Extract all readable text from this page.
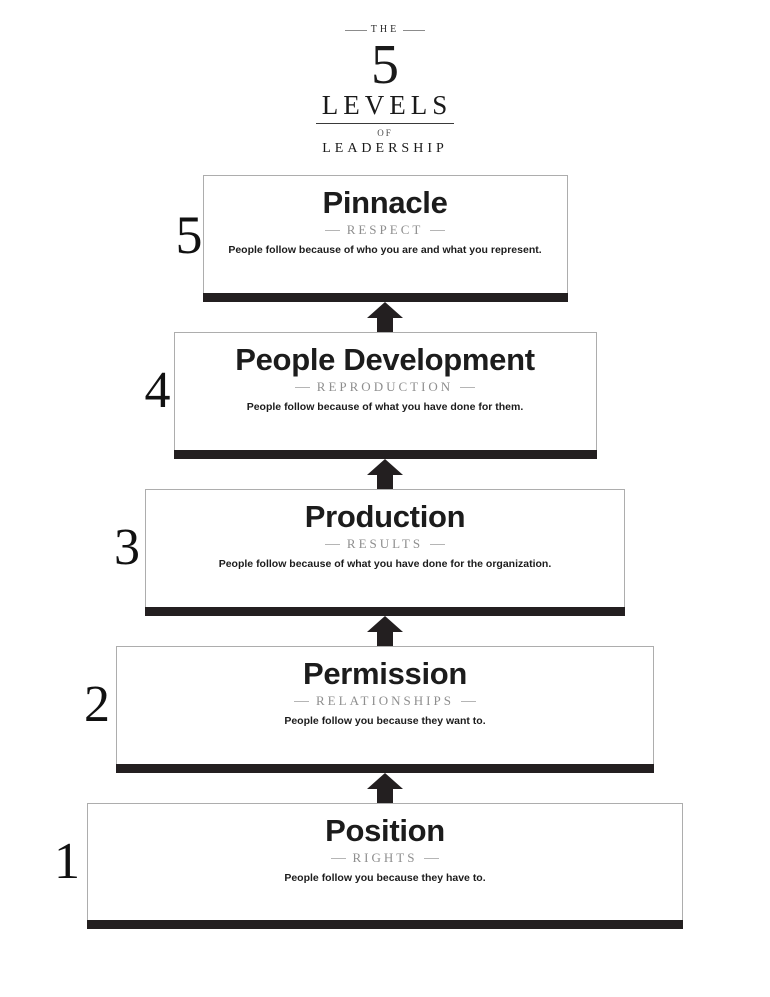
THE
5
LEVELS
OF
LEADERSHIP
5
Pinnacle
RESPECT
People follow because of who you are and what you represent.
4
People Development
REPRODUCTION
People follow because of what you have done for them.
3
Production
RESULTS
People follow because of what you have done for the organization.
2
Permission
RELATIONSHIPS
People follow you because they want to.
1
Position
RIGHTS
People follow you because they have to.
